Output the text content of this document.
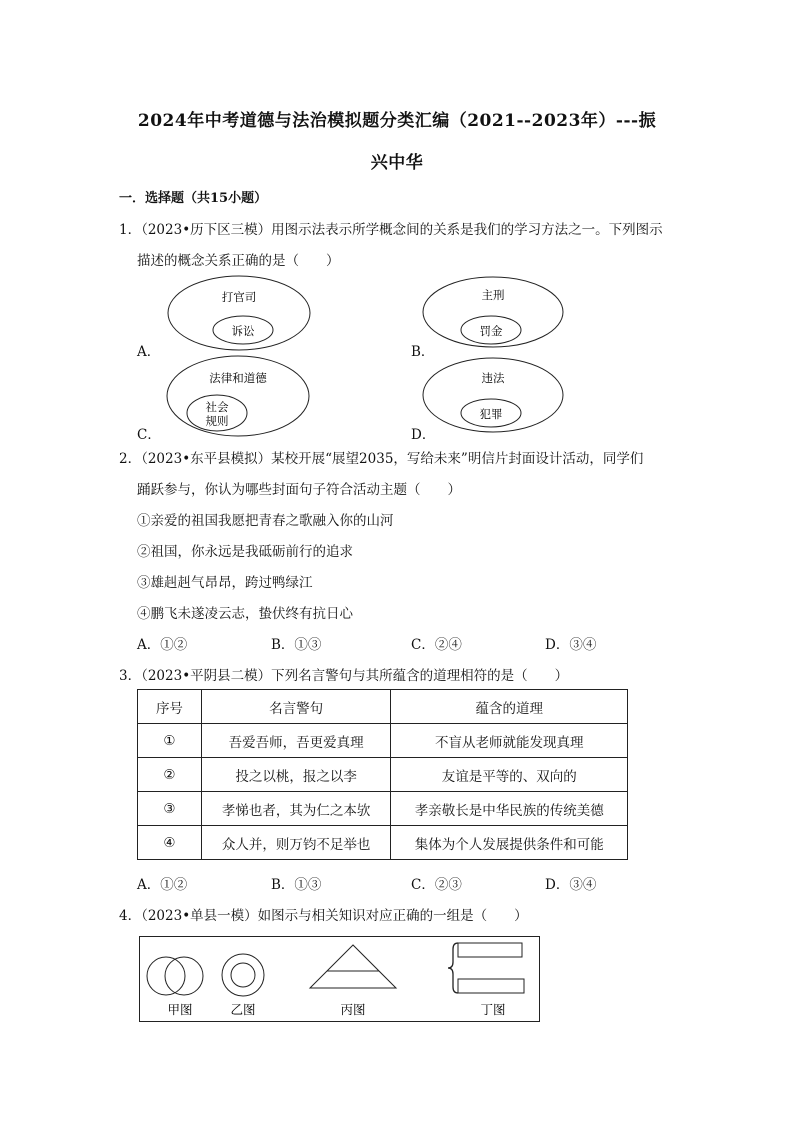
2024年中考道德与法治模拟题分类汇编（2021--2023年）---振
兴中华
一．选择题（共15小题）
1．（2023•历下区三模）用图示法表示所学概念间的关系是我们的学习方法之一。下列图示
描述的概念关系正确的是（　　）
打官司
诉讼
主刑
罚金
法律和道德
社会
规则
违法
犯罪
A．	B．
C．	D．
2．（2023•东平县模拟）某校开展“展望2035，写给未来”明信片封面设计活动，同学们
踊跃参与，你认为哪些封面句子符合活动主题（　　）
①亲爱的祖国我愿把青春之歌融入你的山河
②祖国，你永远是我砥砺前行的追求
③雄赳赳气昂昂，跨过鸭绿江
④鹏飞未遂凌云志，蛰伏终有抗日心
A．①②	B．①③	C．②④	D．③④
3．（2023•平阴县二模）下列名言警句与其所蕴含的道理相符的是（　　）
序号	名言警句	蕴含的道理
①	吾爱吾师，吾更爱真理	不盲从老师就能发现真理
②	投之以桃，报之以李	友谊是平等的、双向的
③	孝悌也者，其为仁之本欤	孝亲敬长是中华民族的传统美德
④	众人并，则万钧不足举也	集体为个人发展提供条件和可能
A．①②	B．①③	C．②③	D．③④
4．（2023•单县一模）如图示与相关知识对应正确的一组是（　　）
甲图	乙图	丙图	丁图
